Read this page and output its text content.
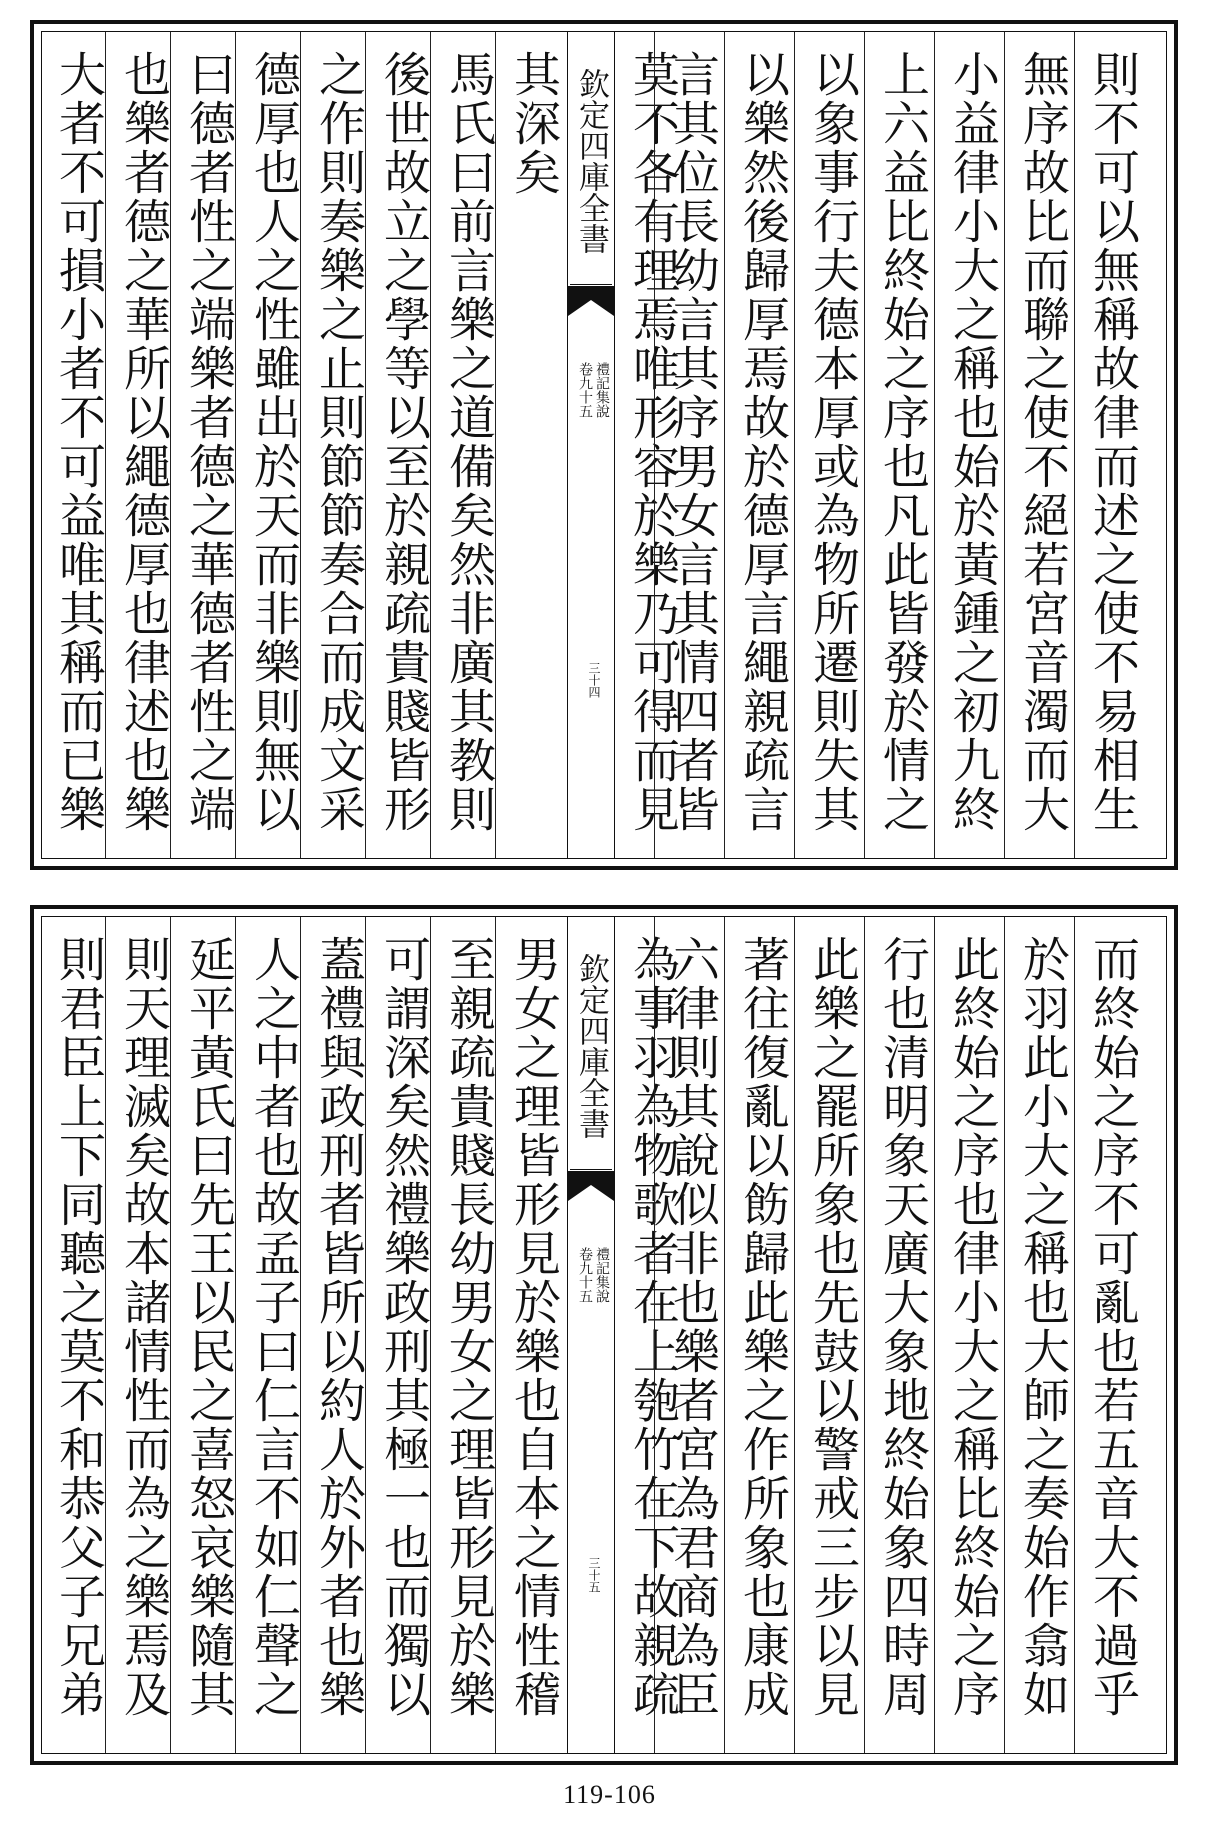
則不可以無稱故律而述之使不易相生
無序故比而聯之使不絕若宮音濁而大
小益律小大之稱也始於黃鍾之初九終
上六益比終始之序也凡此皆發於情之
以象事行夫德本厚或為物所遷則失其
以樂然後歸厚焉故於德厚言繩親疏言
言其位長幼言其序男女言其情四者皆
莫不各有理焉唯形容於樂乃可得而見
欽定四庫全書
禮記集說
卷九十五
三十四
其深矣
馬氏曰前言樂之道備矣然非廣其教則
後世故立之學等以至於親疏貴賤皆形
之作則奏樂之止則節節奏合而成文采
德厚也人之性雖出於天而非樂則無以
曰德者性之端樂者德之華德者性之端
也樂者德之華所以繩德厚也律述也樂
大者不可損小者不可益唯其稱而已樂
而終始之序不可亂也若五音大不過乎
於羽此小大之稱也大師之奏始作翕如
此終始之序也律小大之稱比終始之序
行也清明象天廣大象地終始象四時周
此樂之罷所象也先鼓以警戒三步以見
著往復亂以飭歸此樂之作所象也康成
六律則其說似非也樂者宮為君商為臣
為事羽為物歌者在上匏竹在下故親疏
欽定四庫全書
禮記集說
卷九十五
三十五
男女之理皆形見於樂也自本之情性稽
至親疏貴賤長幼男女之理皆形見於樂
可謂深矣然禮樂政刑其極一也而獨以
蓋禮與政刑者皆所以約人於外者也樂
人之中者也故孟子曰仁言不如仁聲之
延平黃氏曰先王以民之喜怒哀樂隨其
則天理滅矣故本諸情性而為之樂焉及
則君臣上下同聽之莫不和恭父子兄弟
119-106
